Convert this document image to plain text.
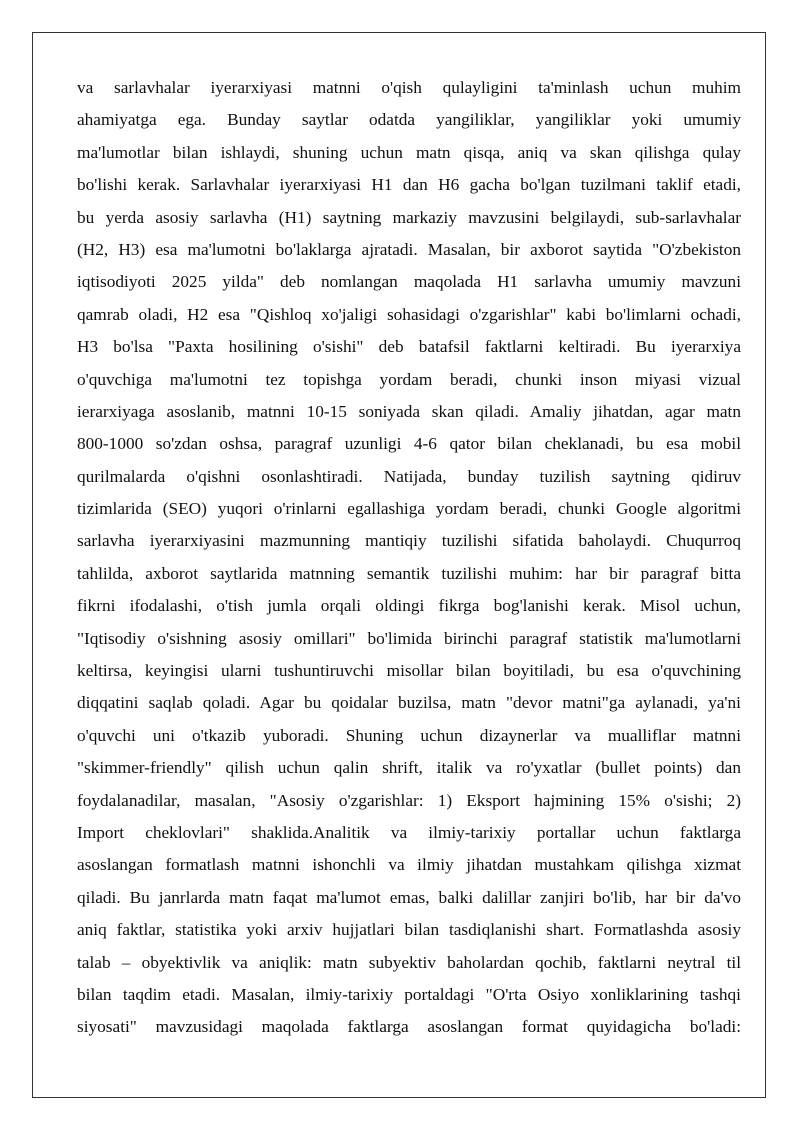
va sarlavhalar iyerarxiyasi matnni o'qish qulayligini ta'minlash uchun muhim
ahamiyatga ega. Bunday saytlar odatda yangiliklar, yangiliklar yoki umumiy
ma'lumotlar bilan ishlaydi, shuning uchun matn qisqa, aniq va skan qilishga qulay
bo'lishi kerak. Sarlavhalar iyerarxiyasi H1 dan H6 gacha bo'lgan tuzilmani taklif etadi,
bu yerda asosiy sarlavha (H1) saytning markaziy mavzusini belgilaydi, sub-sarlavhalar
(H2, H3) esa ma'lumotni bo'laklarga ajratadi. Masalan, bir axborot saytida "O'zbekiston
iqtisodiyoti 2025 yilda" deb nomlangan maqolada H1 sarlavha umumiy mavzuni
qamrab oladi, H2 esa "Qishloq xo'jaligi sohasidagi o'zgarishlar" kabi bo'limlarni ochadi,
H3 bo'lsa "Paxta hosilining o'sishi" deb batafsil faktlarni keltiradi. Bu iyerarxiya
o'quvchiga ma'lumotni tez topishga yordam beradi, chunki inson miyasi vizual
ierarxiyaga asoslanib, matnni 10-15 soniyada skan qiladi. Amaliy jihatdan, agar matn
800-1000 so'zdan oshsa, paragraf uzunligi 4-6 qator bilan cheklanadi, bu esa mobil
qurilmalarda o'qishni osonlashtiradi. Natijada, bunday tuzilish saytning qidiruv
tizimlarida (SEO) yuqori o'rinlarni egallashiga yordam beradi, chunki Google algoritmi
sarlavha iyerarxiyasini mazmunning mantiqiy tuzilishi sifatida baholaydi. Chuqurroq
tahlilda, axborot saytlarida matnning semantik tuzilishi muhim: har bir paragraf bitta
fikrni ifodalashi, o'tish jumla orqali oldingi fikrga bog'lanishi kerak. Misol uchun,
"Iqtisodiy o'sishning asosiy omillari" bo'limida birinchi paragraf statistik ma'lumotlarni
keltirsa, keyingisi ularni tushuntiruvchi misollar bilan boyitiladi, bu esa o'quvchining
diqqatini saqlab qoladi. Agar bu qoidalar buzilsa, matn "devor matni"ga aylanadi, ya'ni
o'quvchi uni o'tkazib yuboradi. Shuning uchun dizaynerlar va mualliflar matnni
"skimmer-friendly" qilish uchun qalin shrift, italik va ro'yxatlar (bullet points) dan
foydalanadilar, masalan, "Asosiy o'zgarishlar: 1) Eksport hajmining 15% o'sishi; 2)
Import cheklovlari" shaklida.Analitik va ilmiy-tarixiy portallar uchun faktlarga
asoslangan formatlash matnni ishonchli va ilmiy jihatdan mustahkam qilishga xizmat
qiladi. Bu janrlarda matn faqat ma'lumot emas, balki dalillar zanjiri bo'lib, har bir da'vo
aniq faktlar, statistika yoki arxiv hujjatlari bilan tasdiqlanishi shart. Formatlashda asosiy
talab – obyektivlik va aniqlik: matn subyektiv baholardan qochib, faktlarni neytral til
bilan taqdim etadi. Masalan, ilmiy-tarixiy portaldagi "O'rta Osiyo xonliklarining tashqi
siyosati" mavzusidagi maqolada faktlarga asoslangan format quyidagicha bo'ladi:
